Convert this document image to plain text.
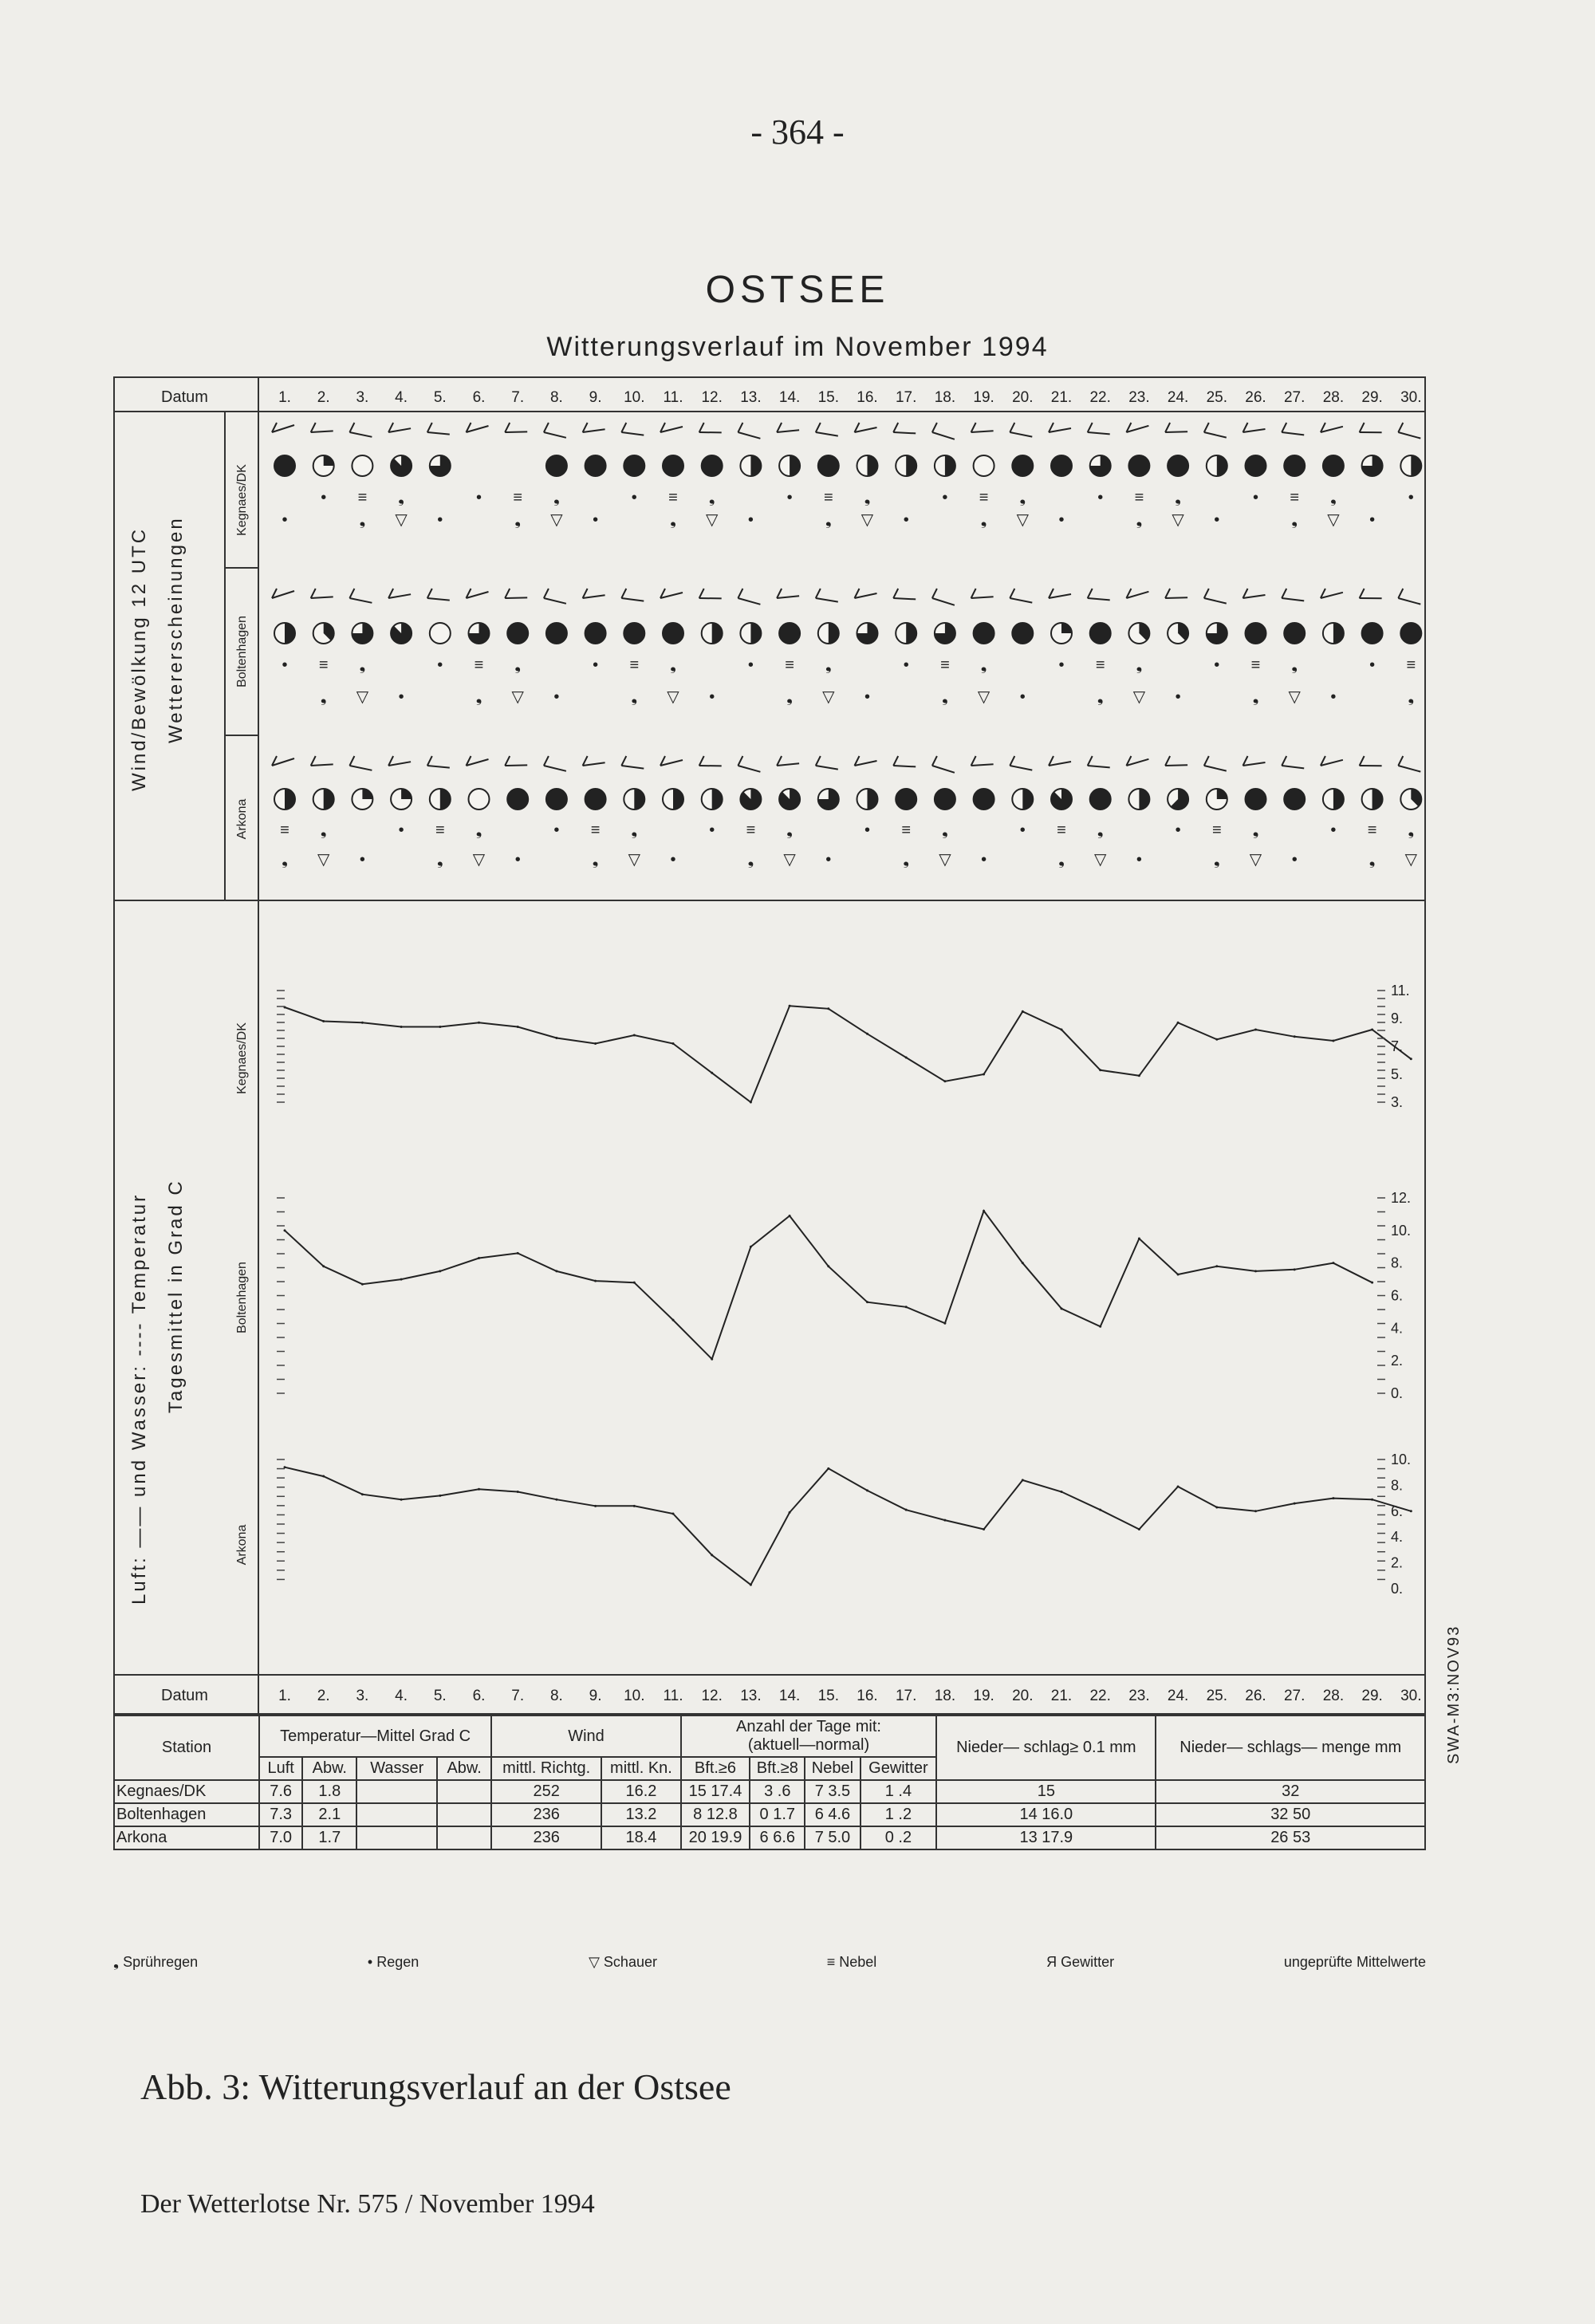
- 364 -
OSTSEE
Witterungsverlauf im November 1994
Datum	1. 2. 3. 4. 5. 6. 7. 8. 9. 10. 11. 12. 13. 14. 15. 16. 17. 18. 19. 20. 21. 22. 23. 24. 25. 26. 27. 28. 29. 30.
Datum	1. 2. 3. 4. 5. 6. 7. 8. 9. 10. 11. 12. 13. 14. 15. 16. 17. 18. 19. 20. 21. 22. 23. 24. 25. 26. 27. 28. 29. 30.
Wind/Bewölkung 12 UTC Wettererscheinungen
Luft: —— und Wasser: ---- Temperatur Tagesmittel in Grad C
Kegnaes/DK
Boltenhagen
Arkona
Kegnaes/DK
Boltenhagen
Arkona
• ≡ ❟	• ≡ ❟	• ≡ ❟	• ≡ ❟	• ≡ ❟	• ≡ ❟	• ≡ ❟	•
•	❟ ▽ •	❟ ▽ •	❟ ▽ •	❟ ▽ •	❟ ▽ •	❟ ▽ •	❟ ▽ •
• ≡ ❟	• ≡ ❟	• ≡ ❟	• ≡ ❟	• ≡ ❟	• ≡ ❟	• ≡ ❟	• ≡
❟ ▽ •	❟ ▽ •	❟ ▽ •	❟ ▽ •	❟ ▽ •	❟ ▽ •	❟ ▽ •	❟
≡ ❟	• ≡ ❟	• ≡ ❟	• ≡ ❟	• ≡ ❟	• ≡ ❟	• ≡ ❟	• ≡ ❟
❟ ▽ •	❟ ▽ •	❟ ▽ •	❟ ▽ •	❟ ▽ •	❟ ▽ •	❟ ▽ •	❟ ▽
3.
5.
7.
9.
11.
0.
2.
4.
6.
8.
10.
12.
0.
2.
4.
6.
8.
10.
Station	Temperatur—Mittel Grad C				Wind		Anzahl der Tage mit:
(aktuell—normal)				Nieder— schlag≥ 0.1 mm	Nieder— schlags— menge mm
	Luft	Abw.	Wasser	Abw.	mittl. Richtg.	mittl. Kn.	Bft.≥6	Bft.≥8	Nebel	Gewitter		
Kegnaes/DK	7.6	1.8			252	16.2	15 17.4	3 .6	7 3.5	1 .4	15	32
Boltenhagen	7.3	2.1			236	13.2	8 12.8	0 1.7	6 4.6	1 .2	14 16.0	32 50
Arkona	7.0	1.7			236	18.4	20 19.9	6 6.6	7 5.0	0 .2	13 17.9	26 53
SWA-M3:NOV93
❟ Sprühregen	• Regen	▽ Schauer	≡ Nebel	Я Gewitter	ungeprüfte Mittelwerte
Abb. 3: Witterungsverlauf an der Ostsee
Der Wetterlotse Nr. 575 / November 1994
